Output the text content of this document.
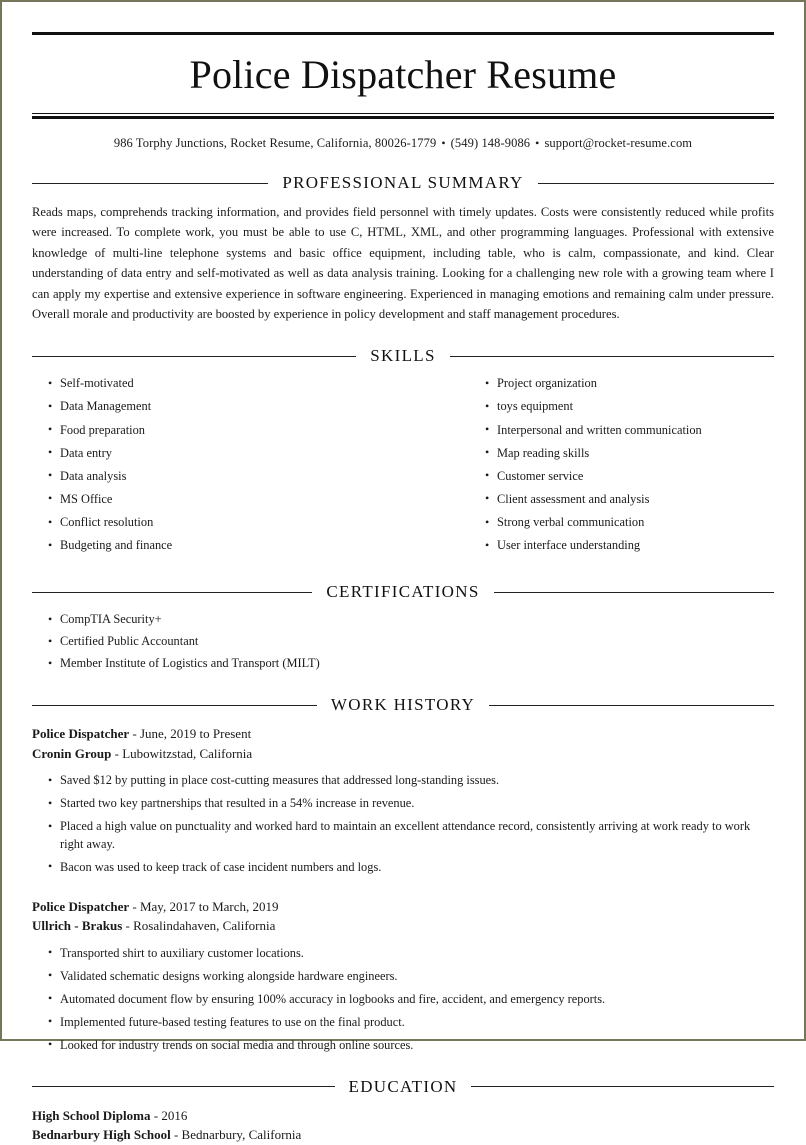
Police Dispatcher Resume
986 Torphy Junctions, Rocket Resume, California, 80026-1779 • (549) 148-9086 • support@rocket-resume.com
PROFESSIONAL SUMMARY

Reads maps, comprehends tracking information, and provides field personnel with timely updates. Costs were consistently reduced while profits were increased. To complete work, you must be able to use C, HTML, XML, and other programming languages. Professional with extensive knowledge of multi-line telephone systems and basic office equipment, including table, who is calm, compassionate, and kind. Clear understanding of data entry and self-motivated as well as data analysis training. Looking for a challenging new role with a growing team where I can apply my expertise and extensive experience in software engineering. Experienced in managing emotions and remaining calm under pressure. Overall morale and productivity are boosted by experience in policy development and staff management procedures.

SKILLS
• Self-motivated
• Data Management
• Food preparation
• Data entry
• Data analysis
• MS Office
• Conflict resolution
• Budgeting and finance
• Project organization
• toys equipment
• Interpersonal and written communication
• Map reading skills
• Customer service
• Client assessment and analysis
• Strong verbal communication
• User interface understanding
CERTIFICATIONS
• CompTIA Security+
• Certified Public Accountant
• Member Institute of Logistics and Transport (MILT)
WORK HISTORY
Police Dispatcher - June, 2019 to Present
Cronin Group - Lubowitzstad, California
• Saved $12 by putting in place cost-cutting measures that addressed long-standing issues.
• Started two key partnerships that resulted in a 54% increase in revenue.
• Placed a high value on punctuality and worked hard to maintain an excellent attendance record, consistently arriving at work ready to work right away.
• Bacon was used to keep track of case incident numbers and logs.
Police Dispatcher - May, 2017 to March, 2019
Ullrich - Brakus - Rosalindahaven, California
• Transported shirt to auxiliary customer locations.
• Validated schematic designs working alongside hardware engineers.
• Automated document flow by ensuring 100% accuracy in logbooks and fire, accident, and emergency reports.
• Implemented future-based testing features to use on the final product.
• Looked for industry trends on social media and through online sources.
EDUCATION
High School Diploma - 2016
Bednarbury High School - Bednarbury, California
